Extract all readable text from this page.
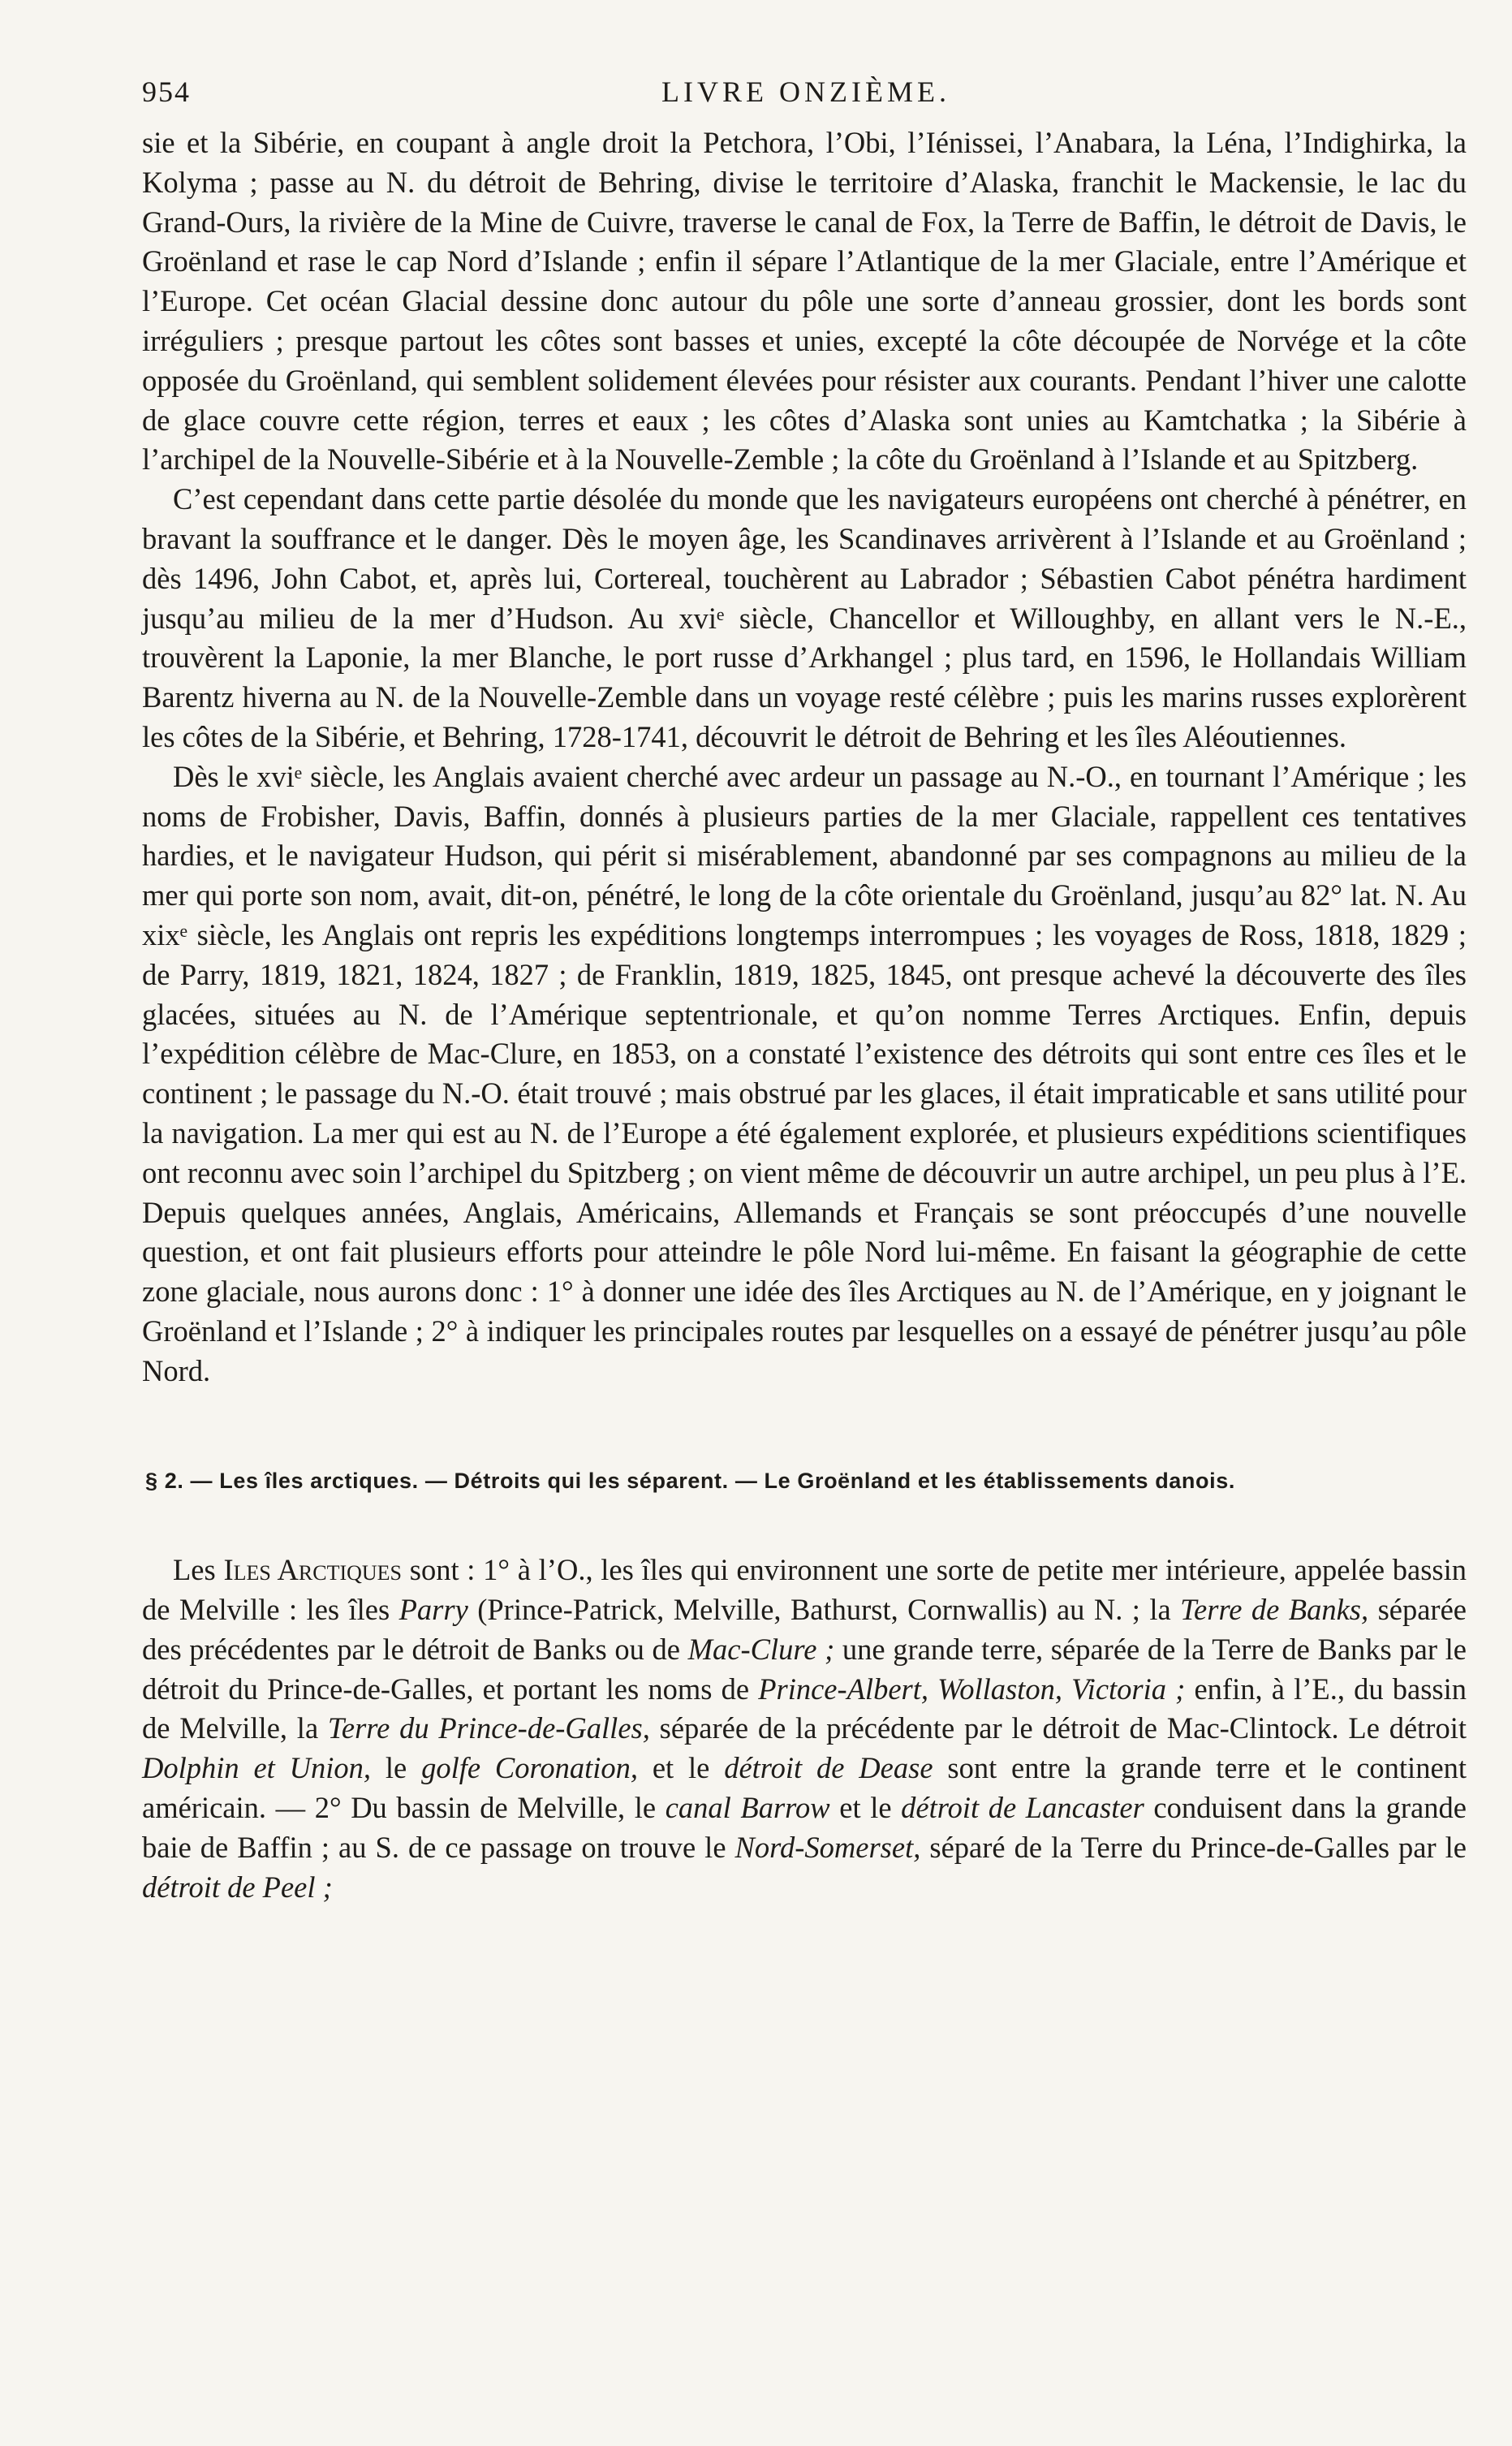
954	LIVRE ONZIÈME.

sie et la Sibérie, en coupant à angle droit la Petchora, l’Obi, l’Iénissei, l’Anabara, la Léna, l’Indighirka, la Kolyma ; passe au N. du détroit de Behring, divise le territoire d’Alaska, franchit le Mackensie, le lac du Grand-Ours, la rivière de la Mine de Cuivre, traverse le canal de Fox, la Terre de Baffin, le détroit de Davis, le Groënland et rase le cap Nord d’Islande ; enfin il sépare l’Atlantique de la mer Glaciale, entre l’Amérique et l’Europe. Cet océan Glacial dessine donc autour du pôle une sorte d’anneau grossier, dont les bords sont irréguliers ; presque partout les côtes sont basses et unies, excepté la côte découpée de Norvége et la côte opposée du Groënland, qui semblent solidement élevées pour résister aux courants. Pendant l’hiver une calotte de glace couvre cette région, terres et eaux ; les côtes d’Alaska sont unies au Kamtchatka ; la Sibérie à l’archipel de la Nouvelle-Sibérie et à la Nouvelle-Zemble ; la côte du Groënland à l’Islande et au Spitzberg.

C’est cependant dans cette partie désolée du monde que les navigateurs européens ont cherché à pénétrer, en bravant la souffrance et le danger. Dès le moyen âge, les Scandinaves arrivèrent à l’Islande et au Groënland ; dès 1496, John Cabot, et, après lui, Cortereal, touchèrent au Labrador ; Sébastien Cabot pénétra hardiment jusqu’au milieu de la mer d’Hudson. Au xviᵉ siècle, Chancellor et Willoughby, en allant vers le N.-E., trouvèrent la Laponie, la mer Blanche, le port russe d’Arkhangel ; plus tard, en 1596, le Hollandais William Barentz hiverna au N. de la Nouvelle-Zemble dans un voyage resté célèbre ; puis les marins russes explorèrent les côtes de la Sibérie, et Behring, 1728-1741, découvrit le détroit de Behring et les îles Aléoutiennes.

Dès le xviᵉ siècle, les Anglais avaient cherché avec ardeur un passage au N.-O., en tournant l’Amérique ; les noms de Frobisher, Davis, Baffin, donnés à plusieurs parties de la mer Glaciale, rappellent ces tentatives hardies, et le navigateur Hudson, qui périt si misérablement, abandonné par ses compagnons au milieu de la mer qui porte son nom, avait, dit-on, pénétré, le long de la côte orientale du Groënland, jusqu’au 82° lat. N. Au xixᵉ siècle, les Anglais ont repris les expéditions longtemps interrompues ; les voyages de Ross, 1818, 1829 ; de Parry, 1819, 1821, 1824, 1827 ; de Franklin, 1819, 1825, 1845, ont presque achevé la découverte des îles glacées, situées au N. de l’Amérique septentrionale, et qu’on nomme Terres Arctiques. Enfin, depuis l’expédition célèbre de Mac-Clure, en 1853, on a constaté l’existence des détroits qui sont entre ces îles et le continent ; le passage du N.-O. était trouvé ; mais obstrué par les glaces, il était impraticable et sans utilité pour la navigation. La mer qui est au N. de l’Europe a été également explorée, et plusieurs expéditions scientifiques ont reconnu avec soin l’archipel du Spitzberg ; on vient même de découvrir un autre archipel, un peu plus à l’E. Depuis quelques années, Anglais, Américains, Allemands et Français se sont préoccupés d’une nouvelle question, et ont fait plusieurs efforts pour atteindre le pôle Nord lui-même. En faisant la géographie de cette zone glaciale, nous aurons donc : 1° à donner une idée des îles Arctiques au N. de l’Amérique, en y joignant le Groënland et l’Islande ; 2° à indiquer les principales routes par lesquelles on a essayé de pénétrer jusqu’au pôle Nord.

§ 2. — Les îles arctiques. — Détroits qui les séparent. — Le Groënland et les établissements danois.

Les Iles Arctiques sont : 1° à l’O., les îles qui environnent une sorte de petite mer intérieure, appelée bassin de Melville : les îles Parry (Prince-Patrick, Melville, Bathurst, Cornwallis) au N. ; la Terre de Banks, séparée des précédentes par le détroit de Banks ou de Mac-Clure ; une grande terre, séparée de la Terre de Banks par le détroit du Prince-de-Galles, et portant les noms de Prince-Albert, Wollaston, Victoria ; enfin, à l’E., du bassin de Melville, la Terre du Prince-de-Galles, séparée de la précédente par le détroit de Mac-Clintock. Le détroit Dolphin et Union, le golfe Coronation, et le détroit de Dease sont entre la grande terre et le continent américain. — 2° Du bassin de Melville, le canal Barrow et le détroit de Lancaster conduisent dans la grande baie de Baffin ; au S. de ce passage on trouve le Nord-Somerset, séparé de la Terre du Prince-de-Galles par le détroit de Peel ;
